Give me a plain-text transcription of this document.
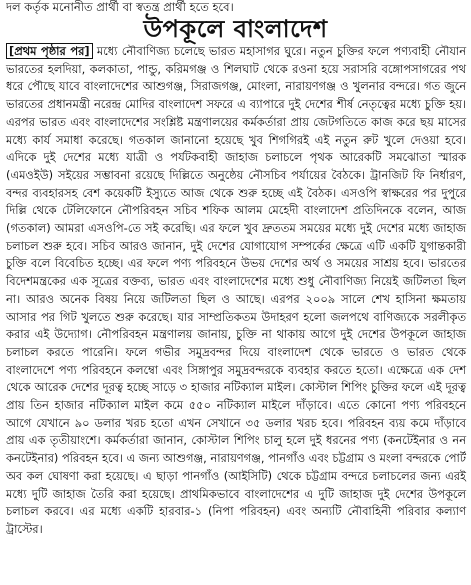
দল কর্তৃক মনোনীত প্রার্থী বা স্বতন্ত্র প্রার্থী হতে হবে।
উপকূলে বাংলাদেশ

[প্রথম পৃষ্ঠার পর] মধ্যে নৌবাণিজ্য চলেছে ভারত মহাসাগর ঘুরে। নতুন চুক্তির ফলে পণ্যবাহী নৌযান ভারতের হলদিয়া, কলকাতা, পান্ডু, করিমগঞ্জ ও শিলঘাট থেকে রওনা হয়ে সরাসরি বঙ্গোপসাগরের পথ ধরে পৌছে যাবে বাংলাদেশের আশুগঞ্জ, সিরাজগঞ্জ, মোংলা, নারায়ণগঞ্জ ও খুলনার বন্দরে। গত জুনে ভারতের প্রধানমন্ত্রী নরেন্দ্র মোদির বাংলাদেশ সফরে এ ব্যাপারে দুই দেশের শীর্ষ নেতৃত্বের মধ্যে চুক্তি হয়। এরপর ভারত এবং বাংলাদেশের সংশ্লিষ্ট মন্ত্রণালয়ের কর্মকর্তারা প্রায় জেটগতিতে কাজ করে ছয় মাসের মধ্যে কার্য সমাধা করেছে। গতকাল জানানো হয়েছে খুব শিগগিরই এই নতুন রুট খুলে দেওয়া হবে। এদিকে দুই দেশের মধ্যে যাত্রী ও পর্যটকবাহী জাহাজ চলাচলে পৃথক আরেকটি সমঝোতা স্মারক (এমওইউ) সইয়ের সম্ভাবনা রয়েছে দিল্লিতে অনুষ্ঠেয় নৌসচিব পর্যায়ের বৈঠকে। ট্রানজিট ফি নির্ধারণ, বন্দর ব্যবহারসহ বেশ কয়েকটি ইস্যুতে আজ থেকে শুরু হচ্ছে এই বৈঠক। এসওপি স্বাক্ষরের পর দুপুরে দিল্লি থেকে টেলিফোনে নৌপরিবহন সচিব শফিক আলম মেহেদী বাংলাদেশ প্রতিদিনকে বলেন, আজ (গতকাল) আমরা এসওপি-তে সই করেছি। এর ফলে খুব দ্রুততম সময়ের মধ্যে দুই দেশের মধ্যে জাহাজ চলাচল শুরু হবে। সচিব আরও জানান, দুই দেশের যোগাযোগ সম্পর্কের ক্ষেত্রে এটি একটি যুগান্তকারী চুক্তি বলে বিবেচিত হচ্ছে। এর ফলে পণ্য পরিবহনে উভয় দেশের অর্থ ও সময়ের সাশ্রয় হবে। ভারতের বিদেশমন্ত্রকের এক সূত্রের বক্তব্য, ভারত এবং বাংলাদেশের মধ্যে শুধু নৌবাণিজ্য নিয়েই জটিলতা ছিল না। আরও অনেক বিষয় নিয়ে জটিলতা ছিল ও আছে। এরপর ২০০৯ সালে শেখ হাসিনা ক্ষমতায় আসার পর গিট খুলতে শুরু করেছে। যার সাম্প্রতিকতম উদাহরণ হলো জলপথে বাণিজ্যকে সরলীকৃত করার এই উদ্যোগ। নৌপরিবহন মন্ত্রণালয় জানায়, চুক্তি না থাকায় আগে দুই দেশের উপকূলে জাহাজ চলাচল করতে পারেনি। ফলে গভীর সমুদ্রবন্দর দিয়ে বাংলাদেশ থেকে ভারতে ও ভারত থেকে বাংলাদেশে পণ্য পরিবহনে কলম্বো এবং সিঙ্গাপুর সমুদ্রবন্দরকে ব্যবহার করতে হতো। এক্ষেত্রে এক দেশ থেকে আরেক দেশের দূরত্ব হচ্ছে সাড়ে ৩ হাজার নটিক্যাল মাইল। কোস্টাল শিপিং চুক্তির ফলে এই দূরত্ব প্রায় তিন হাজার নটিক্যাল মাইল কমে ৫৫০ নটিক্যাল মাইলে দাঁড়াবে। এতে কোনো পণ্য পরিবহনে আগে যেখানে ৯০ ডলার খরচ হতো এখন সেখানে ৩৫ ডলার খরচ হবে। পরিবহন ব্যয় কমে দাঁড়াবে প্রায় এক তৃতীয়াংশে। কর্মকর্তারা জানান, কোস্টাল শিপিং চালু হলে দুই ধরনের পণ্য (কনটেইনার ও নন কনটেইনার) পরিবহন হবে। এ জন্য আশুগঞ্জ, নারায়ণগঞ্জ, পানগাঁও এবং চট্টগ্রাম ও মংলা বন্দরকে পোর্ট অব কল ঘোষণা করা হয়েছে। এ ছাড়া পানগাঁও (আইসিটি) থেকে চট্টগ্রাম বন্দরে চলাচলের জন্য এরই মধ্যে দুটি জাহাজ তৈরি করা হয়েছে। প্রাথমিকভাবে বাংলাদেশের এ দুটি জাহাজ দুই দেশের উপকূলে চলাচল করবে। এর মধ্যে একটি হারবার-১ (নিপা পরিবহন) এবং অন্যটি নৌবাহিনী পরিবার কল্যাণ ট্রাস্টের।
